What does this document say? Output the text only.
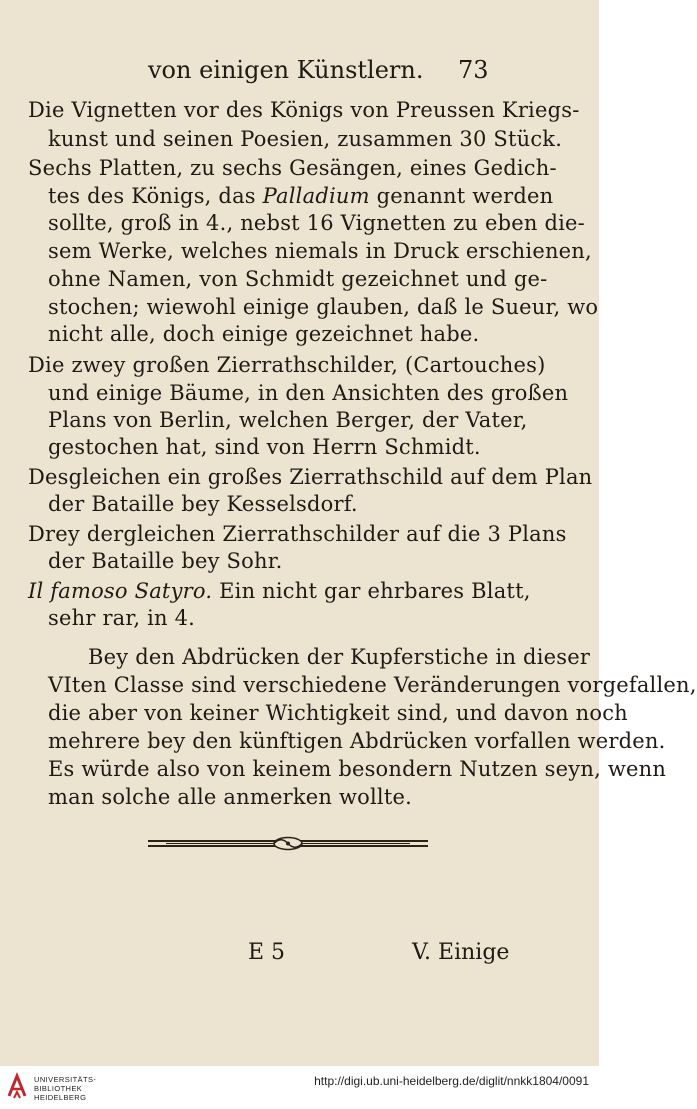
von einigen Künstlern. 73
Die Vignetten vor des Königs von Preussen Kriegs-
kunst und seinen Poesien, zusammen 30 Stück.
Sechs Platten, zu sechs Gesängen, eines Gedich-
tes des Königs, das Palladium genannt werden
sollte, groß in 4., nebst 16 Vignetten zu eben die-
sem Werke, welches niemals in Druck erschienen,
ohne Namen, von Schmidt gezeichnet und ge-
stochen; wiewohl einige glauben, daß le Sueur, wo
nicht alle, doch einige gezeichnet habe.
Die zwey großen Zierrathschilder, (Cartouches)
und einige Bäume, in den Ansichten des großen
Plans von Berlin, welchen Berger, der Vater,
gestochen hat, sind von Herrn Schmidt.
Desgleichen ein großes Zierrathschild auf dem Plan
der Bataille bey Kesselsdorf.
Drey dergleichen Zierrathschilder auf die 3 Plans
der Bataille bey Sohr.
Il famoso Satyro. Ein nicht gar ehrbares Blatt,
sehr rar, in 4.
Bey den Abdrücken der Kupferstiche in dieser
VIten Classe sind verschiedene Veränderungen vorgefallen,
die aber von keiner Wichtigkeit sind, und davon noch
mehrere bey den künftigen Abdrücken vorfallen werden.
Es würde also von keinem besondern Nutzen seyn, wenn
man solche alle anmerken wollte.
E 5	V. Einige
UNIVERSITÄTS-
BIBLIOTHEK
HEIDELBERG
http://digi.ub.uni-heidelberg.de/diglit/nnkk1804/0091
